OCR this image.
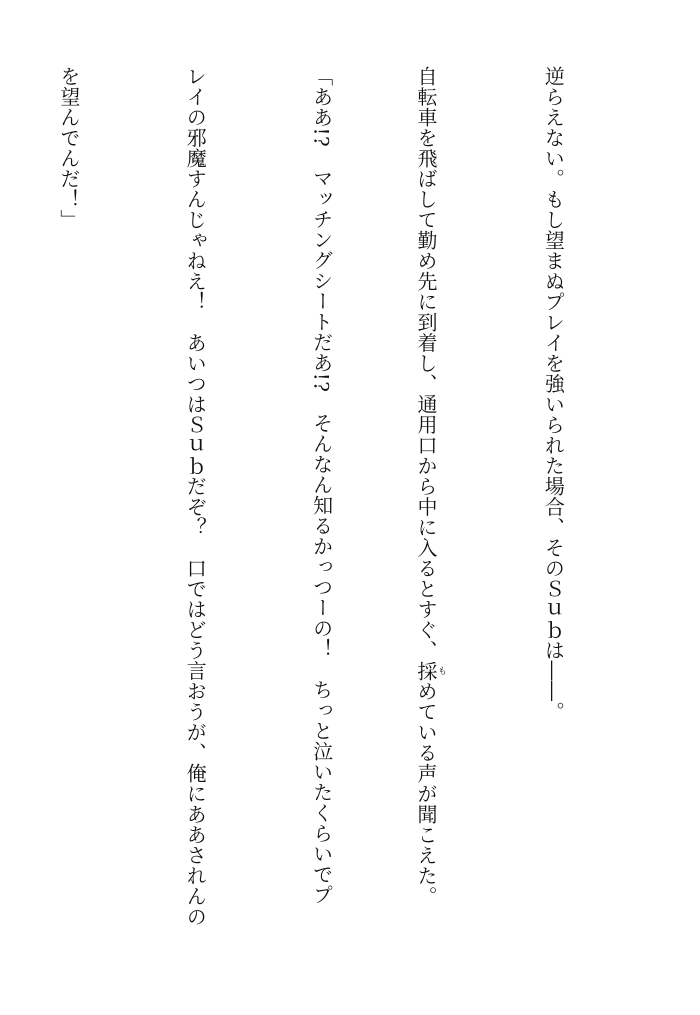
逆らえない。もし望まぬプレイを強いられた場合、そのＳｕｂは――。

自転車を飛ばして勤め先に到着し、通用口から中に入るとすぐ、採もめている声が聞こえた。

「ああ!?　マッチングシートだあ!?　そんなん知るかっつーの！　ちっと泣いたくらいでプ

レイの邪魔すんじゃねえ！　あいつはＳｕｂだぞ？　口ではどう言おうが、俺にああされんの

を望んでんだ！」
